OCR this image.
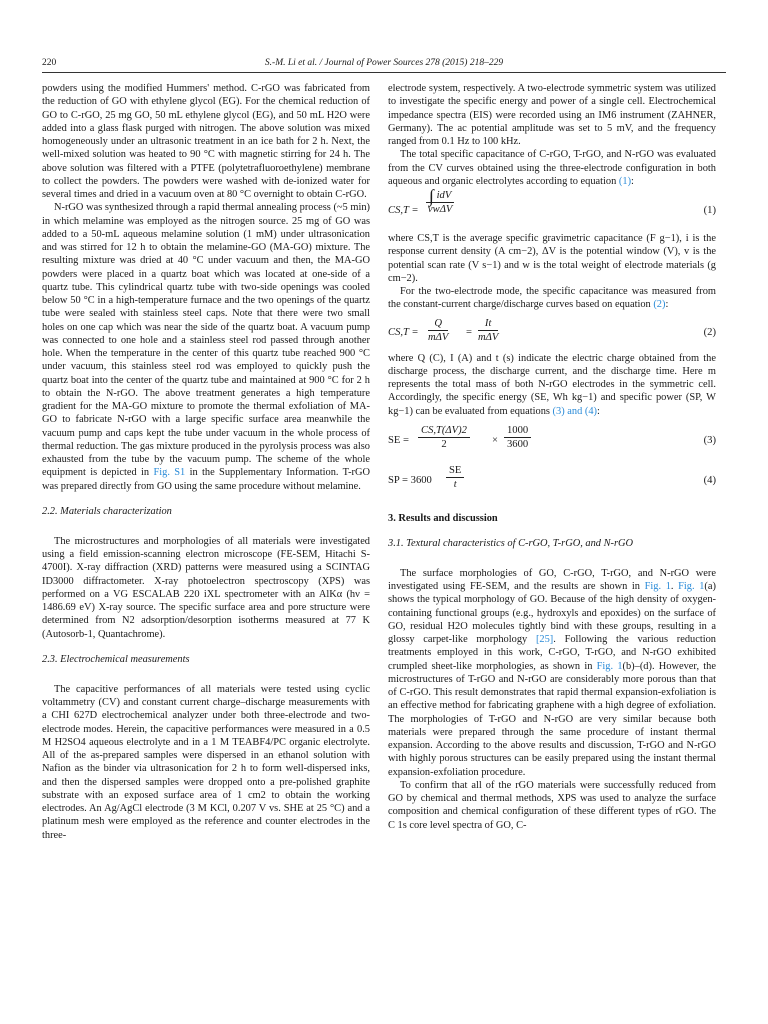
220	S.-M. Li et al. / Journal of Power Sources 278 (2015) 218–229

powders using the modified Hummers' method. C-rGO was fabricated from the reduction of GO with ethylene glycol (EG). For the chemical reduction of GO to C-rGO, 25 mg GO, 50 mL ethylene glycol (EG), and 50 mL H2O were added into a glass flask purged with nitrogen. The above solution was mixed homogeneously under an ultrasonic treatment in an ice bath for 2 h. Next, the well-mixed solution was heated to 90 °C with magnetic stirring for 24 h. The above solution was filtered with a PTFE (polytetrafluoroethylene) membrane to collect the powders. The powders were washed with de-ionized water for several times and dried in a vacuum oven at 80 °C overnight to obtain C-rGO.

N-rGO was synthesized through a rapid thermal annealing process (~5 min) in which melamine was employed as the nitrogen source. 25 mg of GO was added to a 50-mL aqueous melamine solution (1 mM) under ultrasonication and was stirred for 12 h to obtain the melamine-GO (MA-GO) mixture. The resulting mixture was dried at 40 °C under vacuum and then, the MA-GO powders were placed in a quartz boat which was located at one-side of a quartz tube. This cylindrical quartz tube with two-side openings was cooled below 50 °C in a high-temperature furnace and the two openings of the quartz tube were sealed with stainless steel caps. Note that there were two small holes on one cap which was near the side of the quartz boat. A vacuum pump was connected to one hole and a stainless steel rod passed through another hole. When the temperature in the center of this quartz tube reached 900 °C under vacuum, this stainless steel rod was employed to quickly push the quartz boat into the center of the quartz tube and maintained at 900 °C for 2 h to obtain the N-rGO. The above treatment generates a high temperature gradient for the MA-GO mixture to promote the thermal exfoliation of MA-GO to fabricate N-rGO with a large specific surface area meanwhile the vacuum pump and caps kept the tube under vacuum in the whole process of thermal reduction. The gas mixture produced in the pyrolysis process was also exhausted from the tube by the vacuum pump. The scheme of the whole equipment is depicted in Fig. S1 in the Supplementary Information. T-rGO was prepared directly from GO using the same procedure without melamine.

2.2. Materials characterization

The microstructures and morphologies of all materials were investigated using a field emission-scanning electron microscope (FE-SEM, Hitachi S-4700I). X-ray diffraction (XRD) patterns were measured using a SCINTAG ID3000 diffractometer. X-ray photoelectron spectroscopy (XPS) was performed on a VG ESCALAB 220 iXL spectrometer with an AlKα (hν = 1486.69 eV) X-ray source. The specific surface area and pore structure were determined from N2 adsorption/desorption isotherms measured at 77 K (Autosorb-1, Quantachrome).

2.3. Electrochemical measurements

The capacitive performances of all materials were tested using cyclic voltammetry (CV) and constant current charge–discharge measurements with a CHI 627D electrochemical analyzer under both three-electrode and two-electrode modes. Herein, the capacitive performances were measured in a 0.5 M H2SO4 aqueous electrolyte and in a 1 M TEABF4/PC organic electrolyte. All of the as-prepared samples were dispersed in an ethanol solution with Nafion as the binder via ultrasonication for 2 h to form well-dispersed inks, and then the dispersed samples were dropped onto a pre-polished graphite substrate with an exposed surface area of 1 cm2 to obtain the working electrodes. An Ag/AgCl electrode (3 M KCl, 0.207 V vs. SHE at 25 °C) and a platinum mesh were employed as the reference and counter electrodes in the three-

electrode system, respectively. A two-electrode symmetric system was utilized to investigate the specific energy and power of a single cell. Electrochemical impedance spectra (EIS) were recorded using an IM6 instrument (ZAHNER, Germany). The ac potential amplitude was set to 5 mV, and the frequency ranged from 0.1 Hz to 100 kHz.

The total specific capacitance of C-rGO, T-rGO, and N-rGO was evaluated from the CV curves obtained using the three-electrode configuration in both aqueous and organic electrolytes according to equation (1):

CS,T =
∫ idV
vwΔV	(1)

where CS,T is the average specific gravimetric capacitance (F g−1), i is the response current density (A cm−2), ΔV is the potential window (V), v is the potential scan rate (V s−1) and w is the total weight of electrode materials (g cm−2).

For the two-electrode mode, the specific capacitance was measured from the constant-current charge/discharge curves based on equation (2):

CS,T =
Q
mΔV =
It
mΔV	(2)

where Q (C), I (A) and t (s) indicate the electric charge obtained from the discharge process, the discharge current, and the discharge time. Here m represents the total mass of both N-rGO electrodes in the symmetric cell. Accordingly, the specific energy (SE, Wh kg−1) and specific power (SP, W kg−1) can be evaluated from equations (3) and (4):

SE = $\frac{CS,T(\Delta V)2}{2} \times \frac{1000}{3600}$	(3)
SP = $3600 \frac{SE}{t}$	(4)
3. Results and discussion
3.1. Textural characteristics of C-rGO, T-rGO, and N-rGO

The surface morphologies of GO, C-rGO, T-rGO, and N-rGO were investigated using FE-SEM, and the results are shown in Fig. 1. Fig. 1(a) shows the typical morphology of GO. Because of the high density of oxygen-containing functional groups (e.g., hydroxyls and epoxides) on the surface of GO, residual H2O molecules tightly bind with these groups, resulting in a glossy carpet-like morphology [25]. Following the various reduction treatments employed in this work, C-rGO, T-rGO, and N-rGO exhibited crumpled sheet-like morphologies, as shown in Fig. 1(b)–(d). However, the microstructures of T-rGO and N-rGO are considerably more porous than that of C-rGO. This result demonstrates that rapid thermal expansion-exfoliation is an effective method for fabricating graphene with a high degree of exfoliation. The morphologies of T-rGO and N-rGO are very similar because both materials were prepared through the same procedure of instant thermal expansion. According to the above results and discussion, T-rGO and N-rGO with highly porous structures can be easily prepared using the instant thermal expansion-exfoliation procedure.

To confirm that all of the rGO materials were successfully reduced from GO by chemical and thermal methods, XPS was used to analyze the surface composition and chemical configuration of these different types of rGO. The C 1s core level spectra of GO, C-
